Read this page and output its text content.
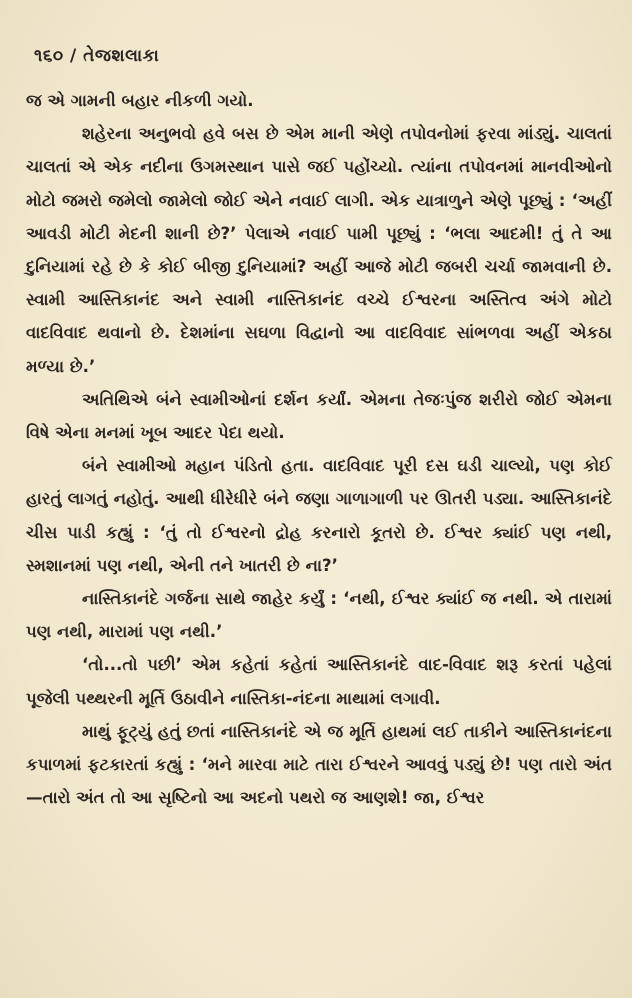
૧૬૦ / તેજશલાકા

જ એ ગામની બહાર નીકળી ગયો.

શહેરના અનુભવો હવે બસ છે એમ માની એણે તપોવનોમાં ફરવા માંડ્યું. ચાલતાં ચાલતાં એ એક નદીના ઉગમસ્થાન પાસે જઈ પહોંચ્યો. ત્યાંના તપોવનમાં માનવીઓનો મોટો જમરો જમેલો જામેલો જોઈ એને નવાઈ લાગી. એક યાત્રાળુને એણે પૂછ્યું : ‘અહીં આવડી મોટી મેદની શાની છે?’ પેલાએ નવાઈ પામી પૂછ્યું : ‘ભલા આદમી! તું તે આ દુનિયામાં રહે છે કે કોઈ બીજી દુનિયામાં? અહીં આજે મોટી જબરી ચર્ચા જામવાની છે. સ્વામી આસ્તિકાનંદ અને સ્વામી નાસ્તિકાનંદ વચ્ચે ઈશ્વરના અસ્તિત્વ અંગે મોટો વાદવિવાદ થવાનો છે. દેશમાંના સઘળા વિદ્વાનો આ વાદવિવાદ સાંભળવા અહીં એકઠા મળ્યા છે.’

અતિથિએ બંને સ્વામીઓનાં દર્શન કર્યાં. એમના તેજઃપુંજ શરીરો જોઈ એમના વિષે એના મનમાં ખૂબ આદર પેદા થયો.

બંને સ્વામીઓ મહાન પંડિતો હતા. વાદવિવાદ પૂરી દસ ઘડી ચાલ્યો, પણ કોઈ હારતું લાગતું નહોતું. આથી ધીરેધીરે બંને જણા ગાળાગાળી પર ઊતરી પડ્યા. આસ્તિકાનંદે ચીસ પાડી કહ્યું : ‘તું તો ઈશ્વરનો દ્રોહ કરનારો કૂતરો છે. ઈશ્વર ક્યાંઈ પણ નથી, સ્મશાનમાં પણ નથી, એની તને ખાતરી છે ના?’

નાસ્તિકાનંદે ગર્જના સાથે જાહેર કર્યું : ‘નથી, ઈશ્વર ક્યાંઈ જ નથી. એ તારામાં પણ નથી, મારામાં પણ નથી.’

‘તો...તો પછી’ એમ કહેતાં કહેતાં આસ્તિકાનંદે વાદ-વિવાદ શરૂ કરતાં પહેલાં પૂજેલી પથ્થરની મૂર્તિ ઉઠાવીને નાસ્તિકા-નંદના માથામાં લગાવી.

માથું ફૂટ્યું હતું છતાં નાસ્તિકાનંદે એ જ મૂર્તિ હાથમાં લઈ તાકીને આસ્તિકાનંદના કપાળમાં ફટકારતાં કહ્યું : ‘મને મારવા માટે તારા ઈશ્વરને આવવું પડ્યું છે! પણ તારો અંત—તારો અંત તો આ સૃષ્ટિનો આ અદનો પથરો જ આણશે! જા, ઈશ્વર
